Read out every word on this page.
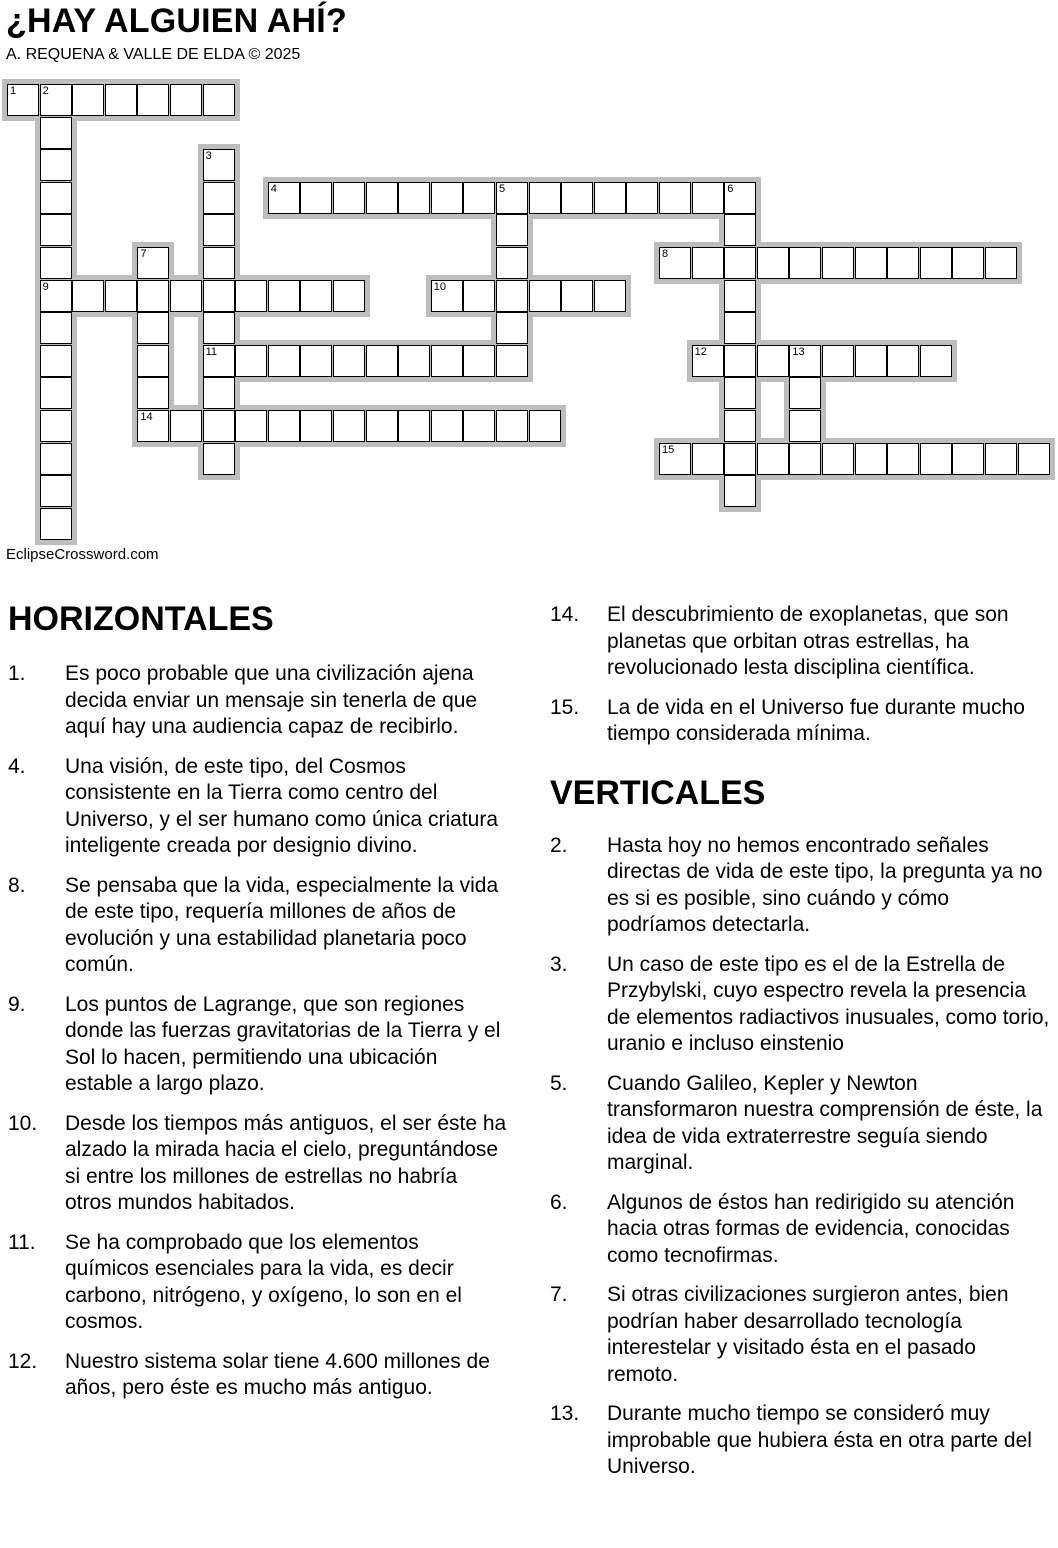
¿HAY ALGUIEN AHÍ?
A. REQUENA & VALLE DE ELDA © 2025
1 2
9
3
11
4	5	6
7	8
10
12	13
14
15
EclipseCrossword.com
HORIZONTALES
1.	Es poco probable que una civilización ajena decida enviar un mensaje sin tenerla de que aquí hay una audiencia capaz de recibirlo.
4.	Una visión, de este tipo, del Cosmos consistente en la Tierra como centro del Universo, y el ser humano como única criatura inteligente creada por designio divino.
8.	Se pensaba que la vida, especialmente la vida de este tipo, requería millones de años de evolución y una estabilidad planetaria poco común.
9.	Los puntos de Lagrange, que son regiones donde las fuerzas gravitatorias de la Tierra y el Sol lo hacen, permitiendo una ubicación estable a largo plazo.
10.	Desde los tiempos más antiguos, el ser éste ha alzado la mirada hacia el cielo, preguntándose si entre los millones de estrellas no habría otros mundos habitados.
11.	Se ha comprobado que los elementos químicos esenciales para la vida, es decir carbono, nitrógeno, y oxígeno, lo son en el cosmos.
12.	Nuestro sistema solar tiene 4.600 millones de años, pero éste es mucho más antiguo.
14.	El descubrimiento de exoplanetas, que son planetas que orbitan otras estrellas, ha revolucionado lesta disciplina científica.
15.	La de vida en el Universo fue durante mucho tiempo considerada mínima.
VERTICALES
2.	Hasta hoy no hemos encontrado señales directas de vida de este tipo, la pregunta ya no es si es posible, sino cuándo y cómo podríamos detectarla.
3.	Un caso de este tipo es el de la Estrella de Przybylski, cuyo espectro revela la presencia de elementos radiactivos inusuales, como torio, uranio e incluso einstenio
5.	Cuando Galileo, Kepler y Newton transformaron nuestra comprensión de éste, la idea de vida extraterrestre seguía siendo marginal.
6.	Algunos de éstos han redirigido su atención hacia otras formas de evidencia, conocidas como tecnofirmas.
7.	Si otras civilizaciones surgieron antes, bien podrían haber desarrollado tecnología interestelar y visitado ésta en el pasado remoto.
13.	Durante mucho tiempo se consideró muy improbable que hubiera ésta en otra parte del Universo.
